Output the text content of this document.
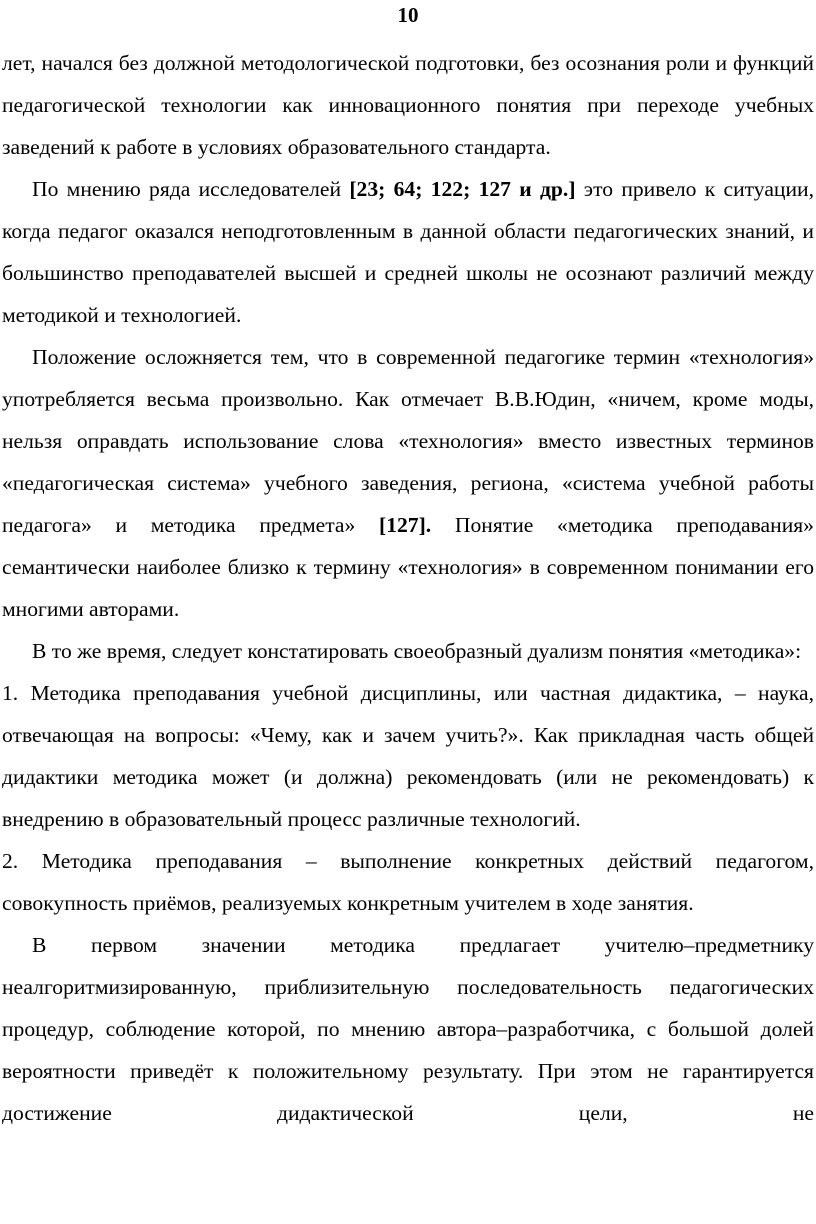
10

лет, начался без должной методологической подготовки, без осознания роли и функций педагогической технологии как инновационного понятия при переходе учебных заведений к работе в условиях образовательного стандарта.

По мнению ряда исследователей [23; 64; 122; 127 и др.] это привело к ситуации, когда педагог оказался неподготовленным в данной области педагогических знаний, и большинство преподавателей высшей и средней школы не осознают различий между методикой и технологией.

Положение осложняется тем, что в современной педагогике термин «технология» употребляется весьма произвольно. Как отмечает В.В.Юдин, «ничем, кроме моды, нельзя оправдать использование слова «технология» вместо известных терминов «педагогическая система» учебного заведения, региона, «система учебной работы педагога» и методика предмета» [127]. Понятие «методика преподавания» семантически наиболее близко к термину «технология» в современном понимании его многими авторами.

В то же время, следует констатировать своеобразный дуализм понятия «методика»:

1. Методика преподавания учебной дисциплины, или частная дидактика, – наука, отвечающая на вопросы: «Чему, как и зачем учить?». Как прикладная часть общей дидактики методика может (и должна) рекомендовать (или не рекомендовать) к внедрению в образовательный процесс различные технологий.

2. Методика преподавания – выполнение конкретных действий педагогом, совокупность приёмов, реализуемых конкретным учителем в ходе занятия.

В первом значении методика предлагает учителю–предметнику неалгоритмизированную, приблизительную последовательность педагогических процедур, соблюдение которой, по мнению автора–разработчика, с большой долей вероятности приведёт к положительному результату. При этом не гарантируется достижение дидактической цели, не
